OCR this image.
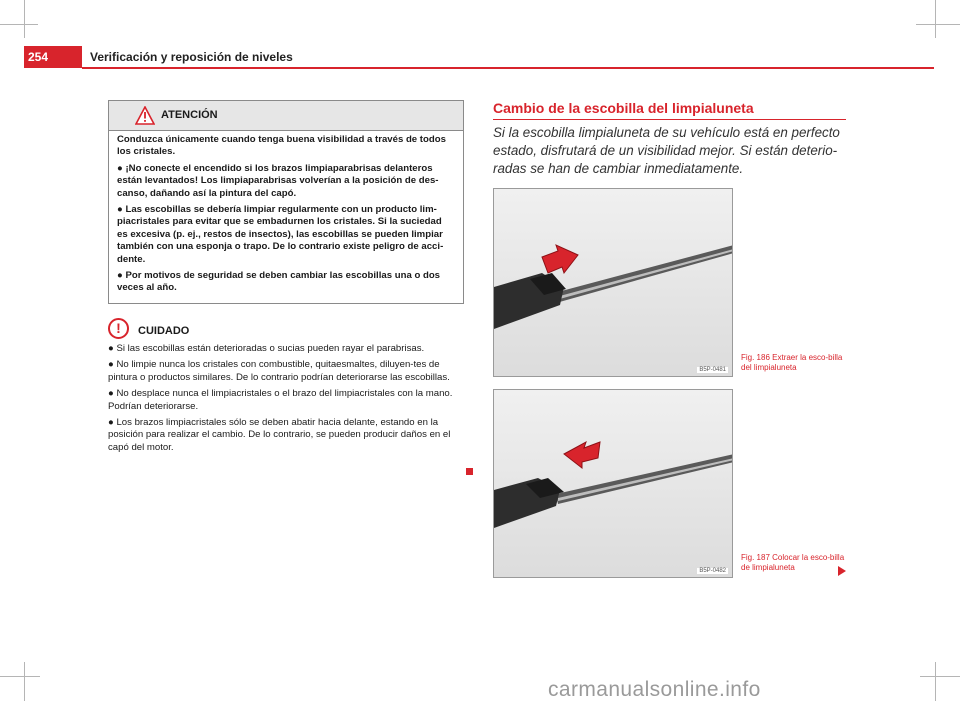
254	Verificación y reposición de niveles
ATENCIÓN

Conduzca únicamente cuando tenga buena visibilidad a través de todos los cristales.

● ¡No conecte el encendido si los brazos limpiaparabrisas delanteros están levantados! Los limpiaparabrisas volverían a la posición de des-canso, dañando así la pintura del capó.

● Las escobillas se debería limpiar regularmente con un producto lim-piacristales para evitar que se embadurnen los cristales. Si la suciedad es excesiva (p. ej., restos de insectos), las escobillas se pueden limpiar también con una esponja o trapo. De lo contrario existe peligro de acci-dente.

● Por motivos de seguridad se deben cambiar las escobillas una o dos veces al año.

!	CUIDADO

● Si las escobillas están deterioradas o sucias pueden rayar el parabrisas.

● No limpie nunca los cristales con combustible, quitaesmaltes, diluyen-tes de pintura o productos similares. De lo contrario podrían deteriorarse las escobillas.

● No desplace nunca el limpiacristales o el brazo del limpiacristales con la mano. Podrían deteriorarse.

● Los brazos limpiacristales sólo se deben abatir hacia delante, estando en la posición para realizar el cambio. De lo contrario, se pueden producir daños en el capó del motor.

Cambio de la escobilla del limpialuneta
Si la escobilla limpialuneta de su vehículo está en perfecto estado, disfrutará de un visibilidad mejor. Si están deterio-radas se han de cambiar inmediatamente.
B5P-0481
Fig. 186 Extraer la esco-billa del limpialuneta
B5P-0482
Fig. 187 Colocar la esco-billa de limpialuneta
carmanualsonline.info
